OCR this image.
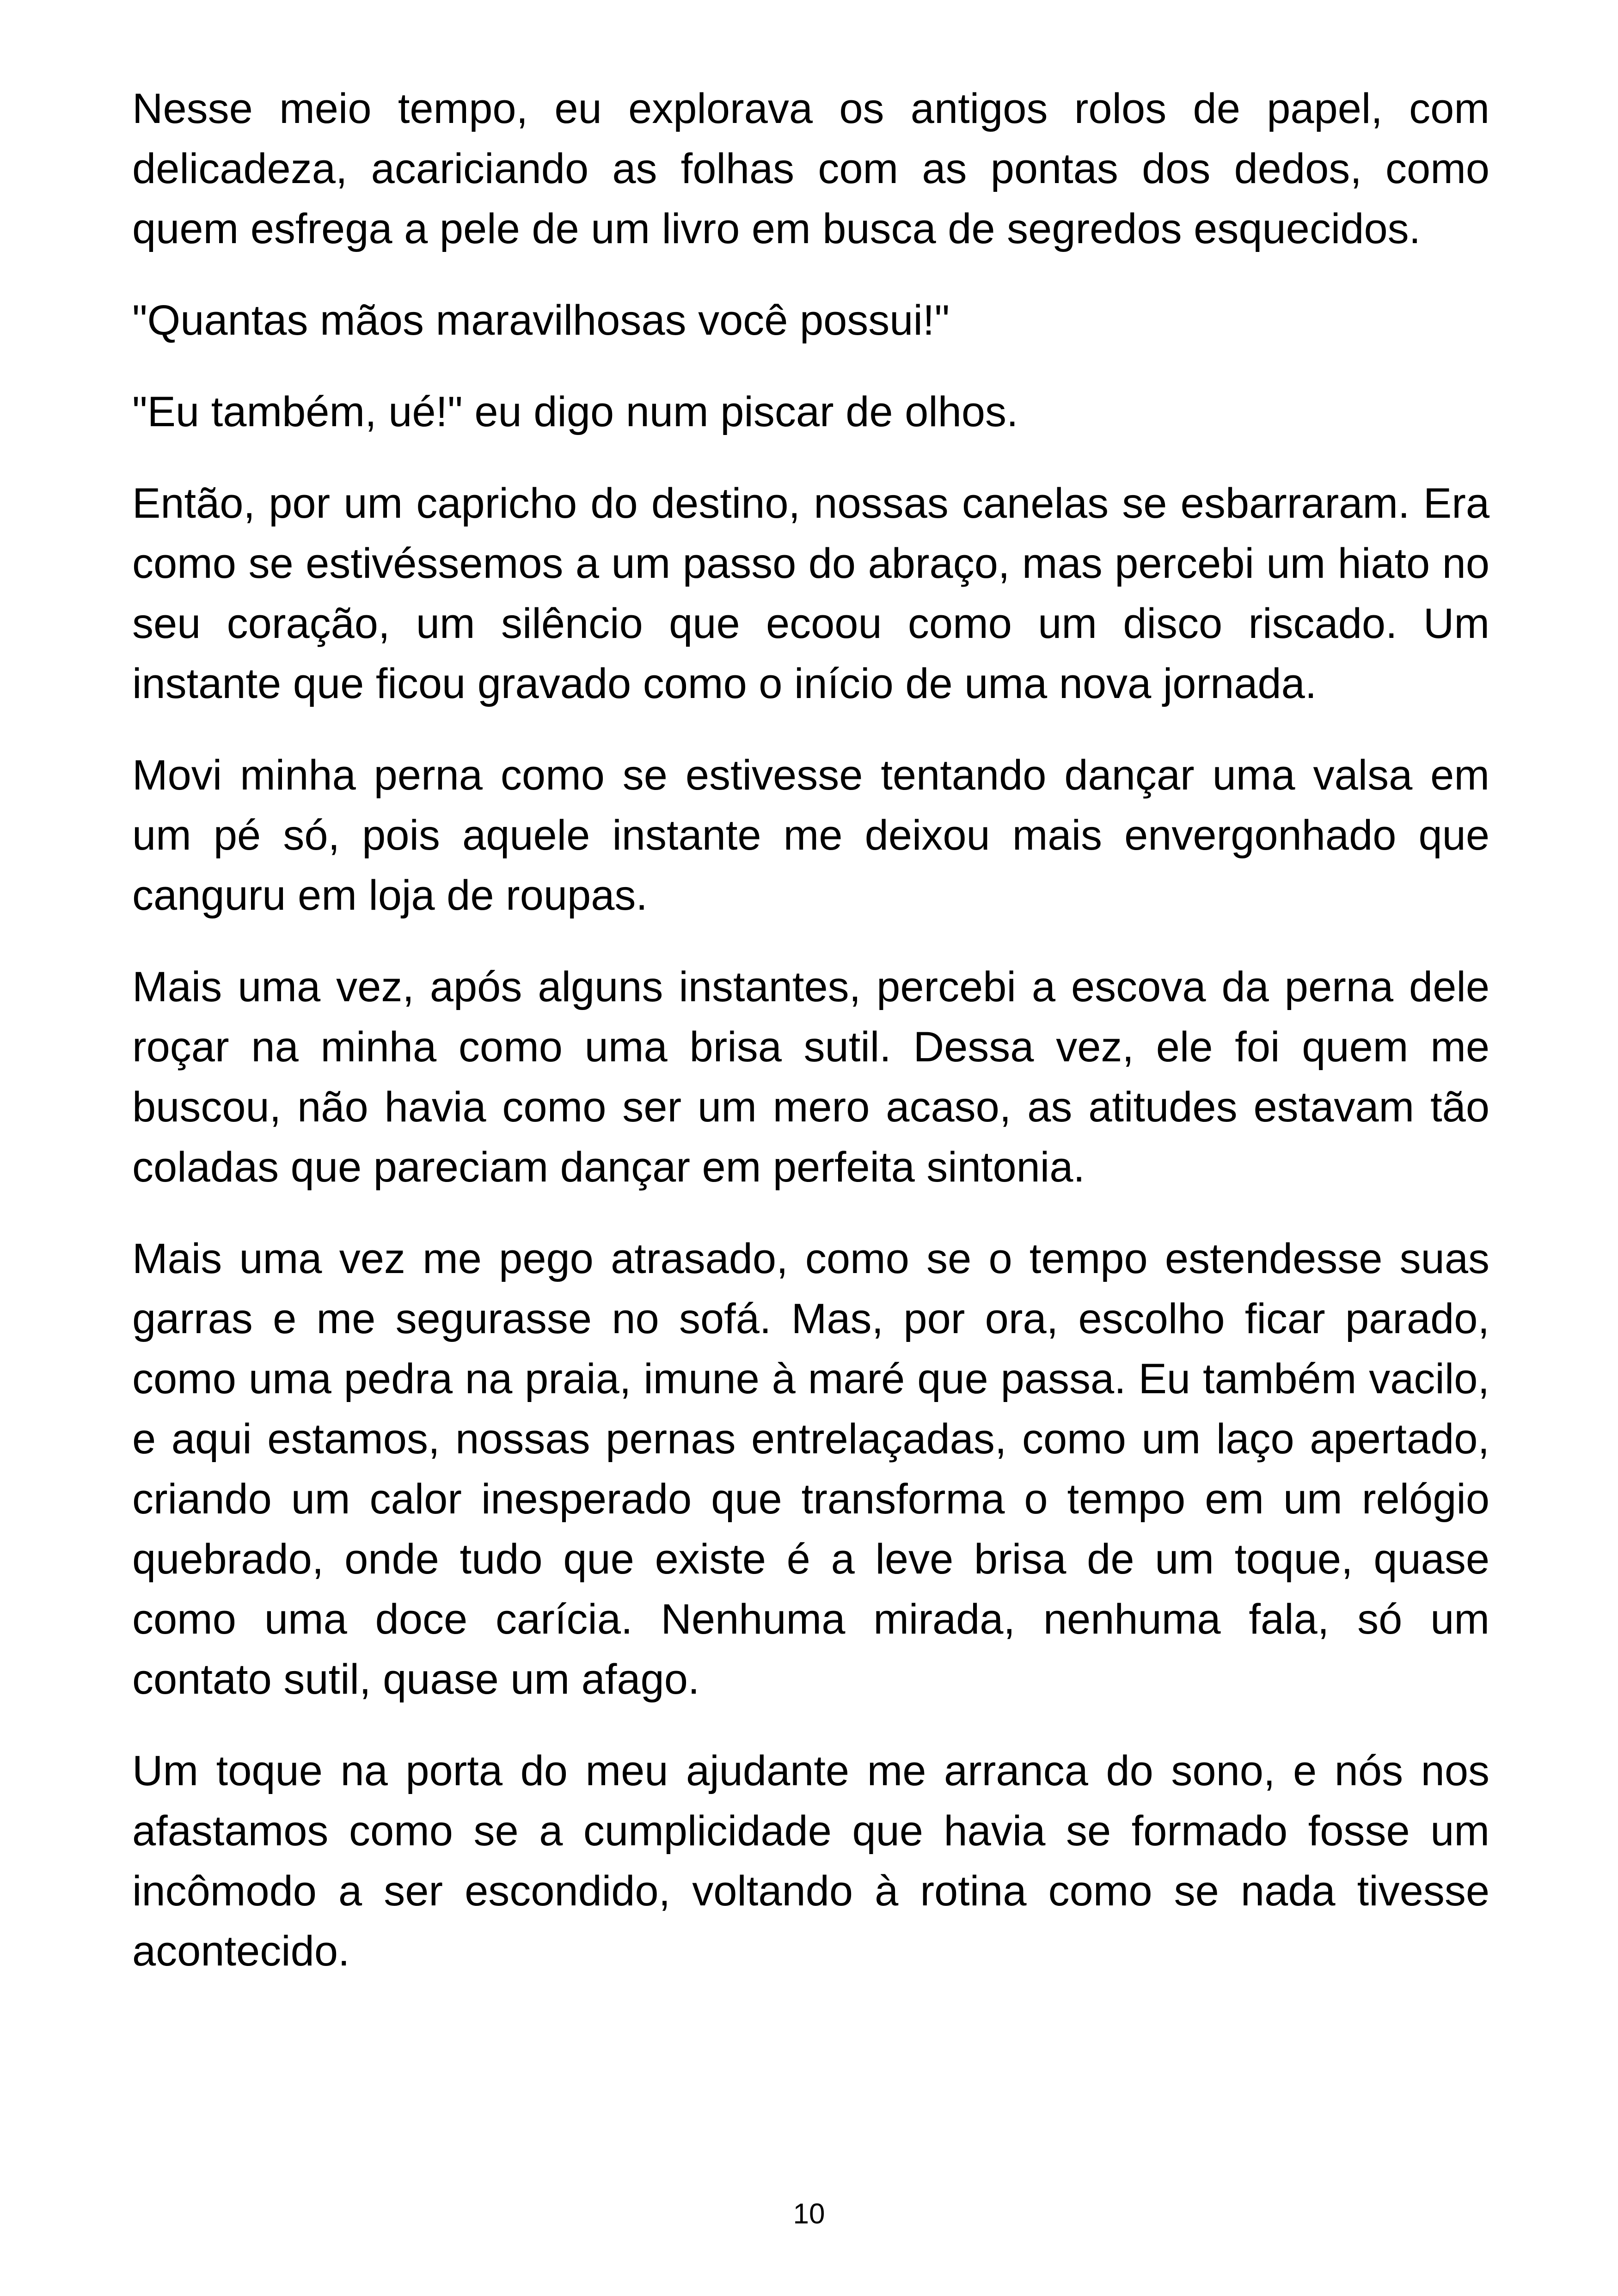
Nesse meio tempo, eu explorava os antigos rolos de papel, com delicadeza, acariciando as folhas com as pontas dos dedos, como quem esfrega a pele de um livro em busca de segredos esquecidos.

"Quantas mãos maravilhosas você possui!"

"Eu também, ué!" eu digo num piscar de olhos.

Então, por um capricho do destino, nossas canelas se esbarraram. Era como se estivéssemos a um passo do abraço, mas percebi um hiato no seu coração, um silêncio que ecoou como um disco riscado. Um instante que ficou gravado como o início de uma nova jornada.

Movi minha perna como se estivesse tentando dançar uma valsa em um pé só, pois aquele instante me deixou mais envergonhado que canguru em loja de roupas.

Mais uma vez, após alguns instantes, percebi a escova da perna dele roçar na minha como uma brisa sutil. Dessa vez, ele foi quem me buscou, não havia como ser um mero acaso, as atitudes estavam tão coladas que pareciam dançar em perfeita sintonia.

Mais uma vez me pego atrasado, como se o tempo estendesse suas garras e me segurasse no sofá. Mas, por ora, escolho ficar parado, como uma pedra na praia, imune à maré que passa. Eu também vacilo, e aqui estamos, nossas pernas entrelaçadas, como um laço apertado, criando um calor inesperado que transforma o tempo em um relógio quebrado, onde tudo que existe é a leve brisa de um toque, quase como uma doce carícia. Nenhuma mirada, nenhuma fala, só um contato sutil, quase um afago.

Um toque na porta do meu ajudante me arranca do sono, e nós nos afastamos como se a cumplicidade que havia se formado fosse um incômodo a ser escondido, voltando à rotina como se nada tivesse acontecido.

10
